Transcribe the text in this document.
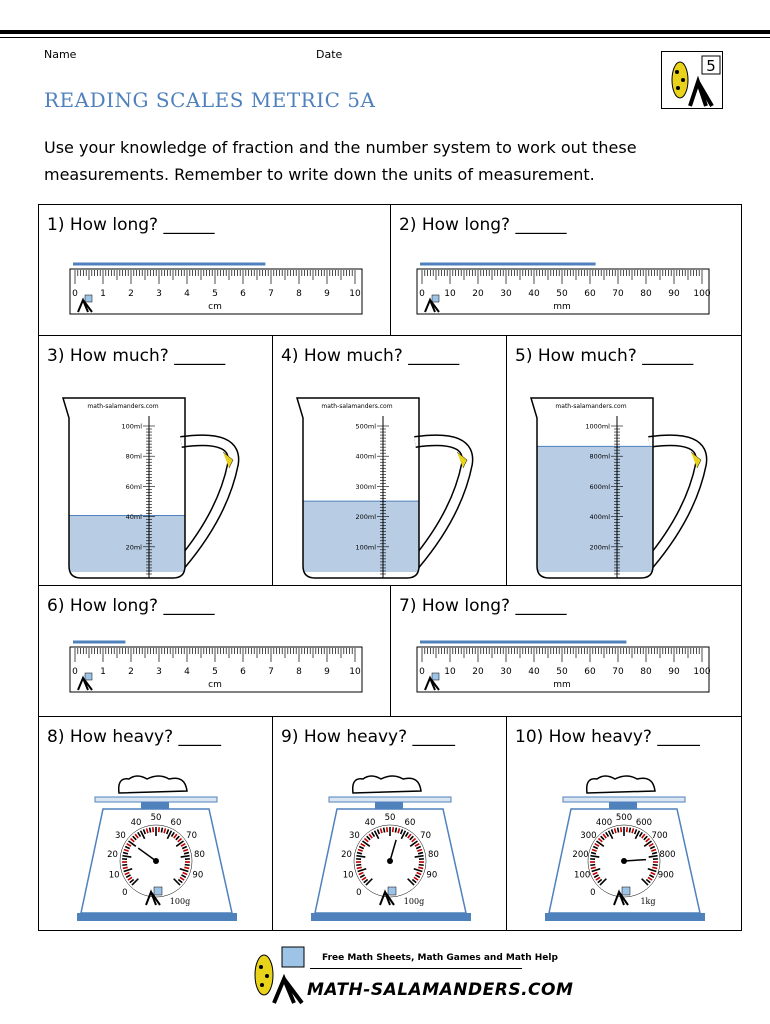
Name	Date
5
READING SCALES METRIC 5A
Use your knowledge of fraction and the number system to work out these measurements. Remember to write down the units of measurement.
1) How long? ______
0 1 2 3 4 5 6 7 8 9 10
cm
2) How long? ______
0 10 20 30 40 50 60 70 80 90 100
mm
3) How much? ______
math-salamanders.com
100ml
80ml
60ml
40ml
20ml
4) How much? ______
math-salamanders.com
500ml
400ml
300ml
200ml
100ml
5) How much? ______
math-salamanders.com
1000ml
800ml
600ml
400ml
200ml
6) How long? ______
0 1 2 3 4 5 6 7 8 9 10
cm
7) How long? ______
0 10 20 30 40 50 60 70 80 90 100
mm
8) How heavy? _____
0
10
20
30
40 50 60
70
80
90
100g
9) How heavy? _____
0
10
20
30
40 50 60
70
80
90
100g
10) How heavy? _____
0
100
200
300
400 500 600
700
800
900
1kg
Free Math Sheets, Math Games and Math Help
MATH-SALAMANDERS.COM
